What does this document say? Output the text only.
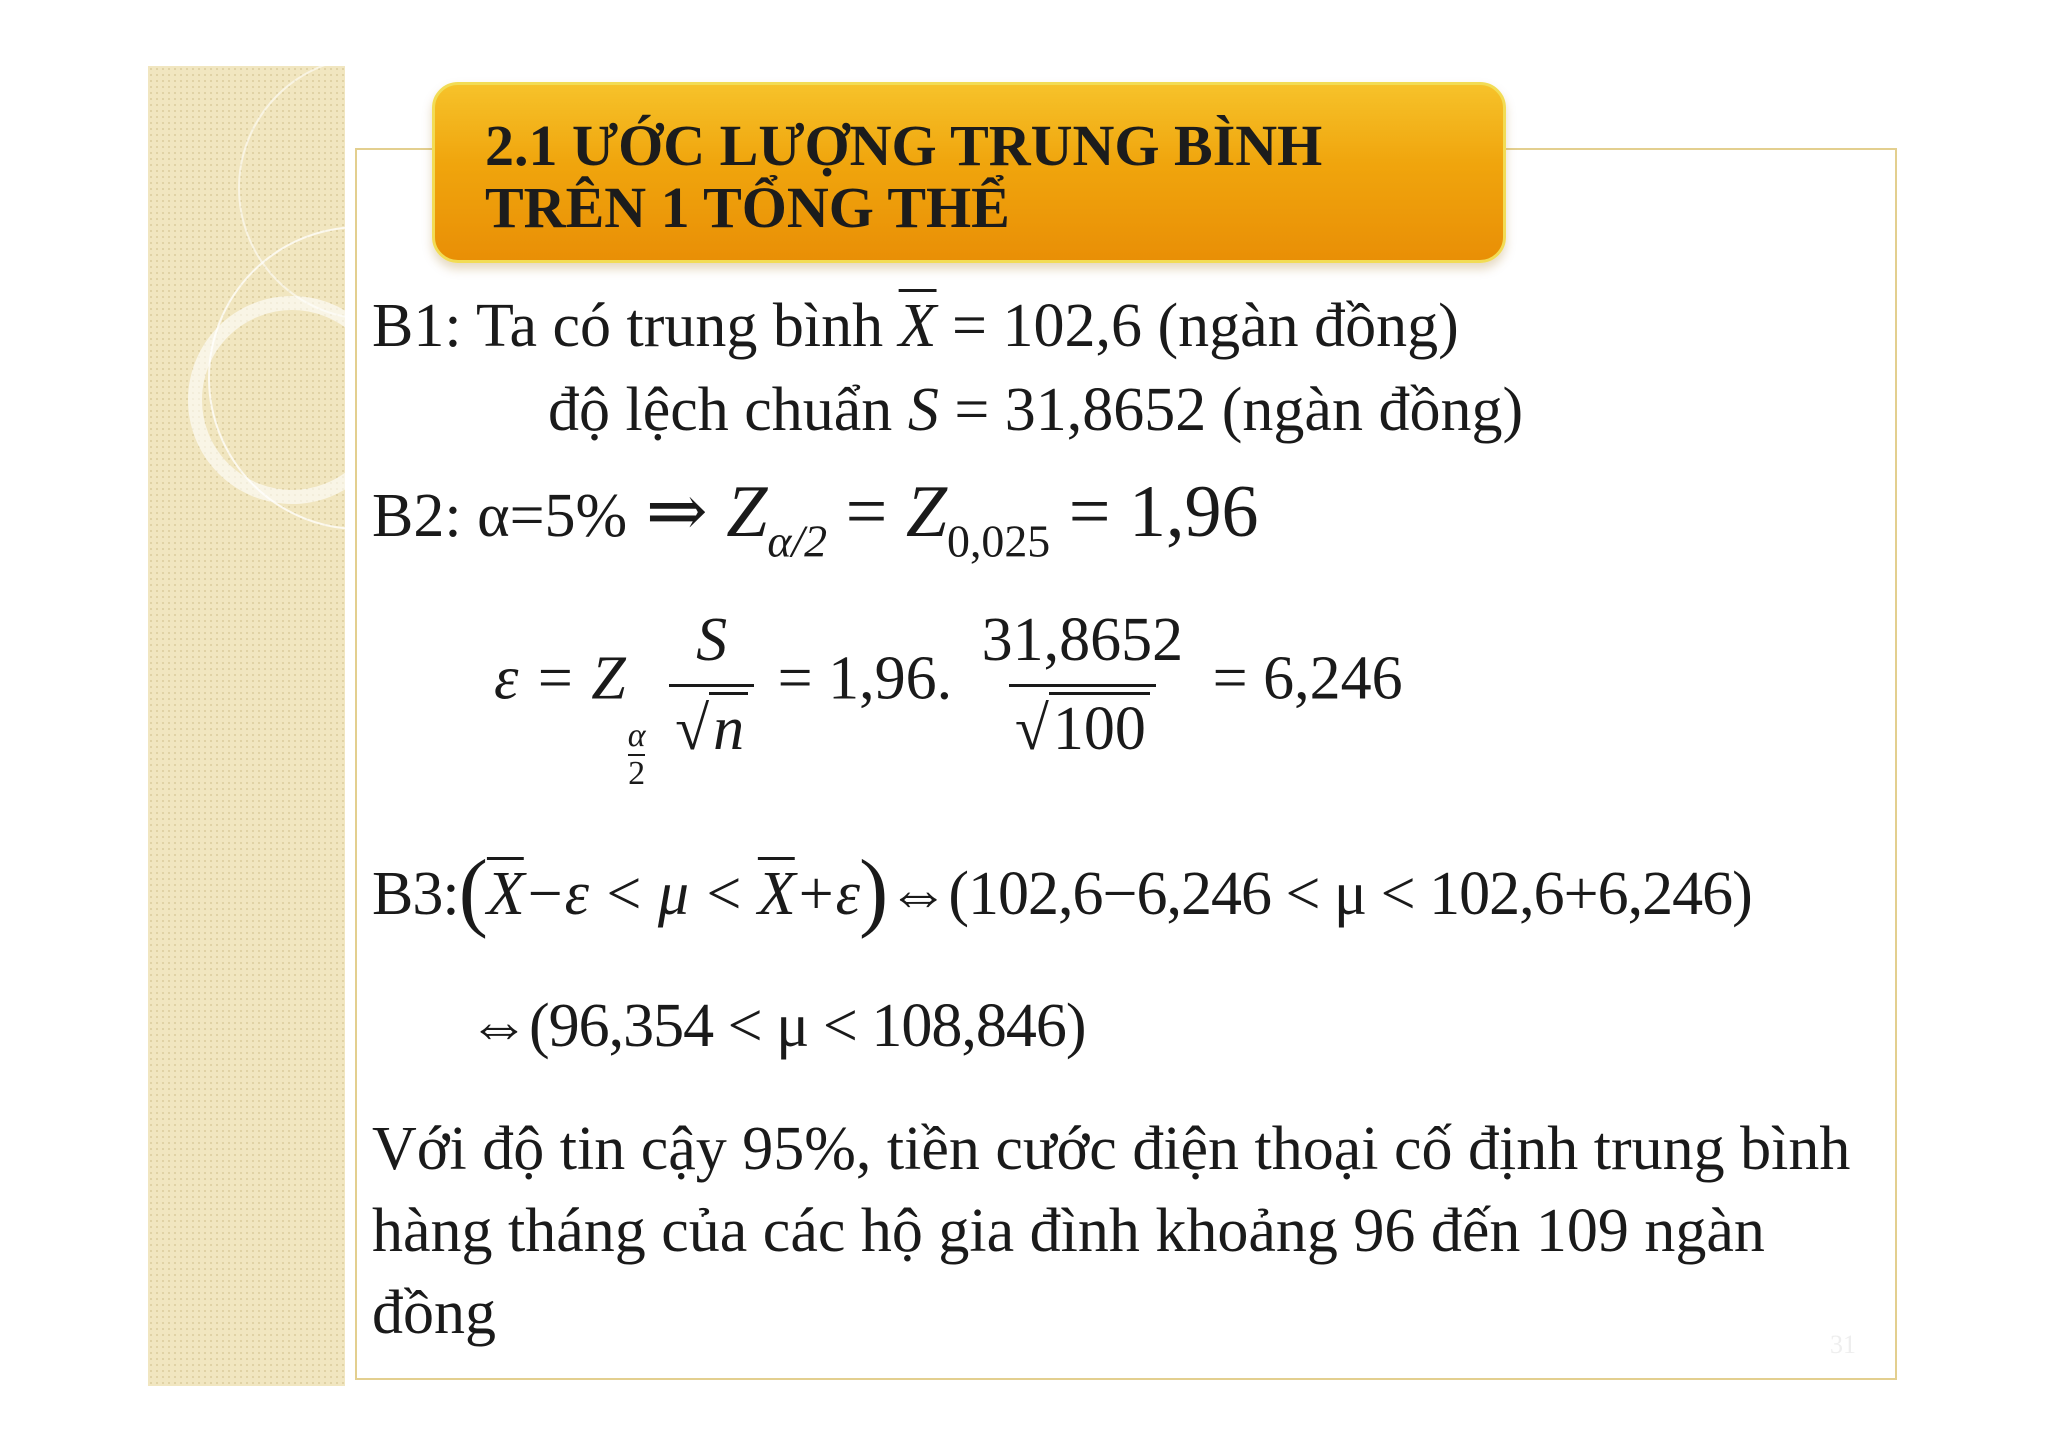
2.1 ƯỚC LƯỢNG TRUNG BÌNH
TRÊN 1 TỔNG THỂ
B1: Ta có trung bình $\overline{X} = 102,6$ (ngàn đồng)
độ lệch chuẩn S = 31,8652 (ngàn đồng)
B2: α=5% ⇒ $Z_{\alpha/2} = Z_{0,025} = 1,96$
ε = Z
$\frac{\alpha}{2}$
$\frac{S}{√n} = 1,96$. $\frac{31,8652}{√100} = 6,246$
$B3:(\overline{X}-\varepsilon < \mu$ < $\overline{X}+\varepsilon)\Leftrightarrow(102,6-6,246 < \mu < 102,6+6,246)$
⇔(96,354 < μ < 108,846)

Với độ tin cậy 95%, tiền cước điện thoại cố định trung bình hàng tháng của các hộ gia đình khoảng 96 đến 109 ngàn đồng	31
